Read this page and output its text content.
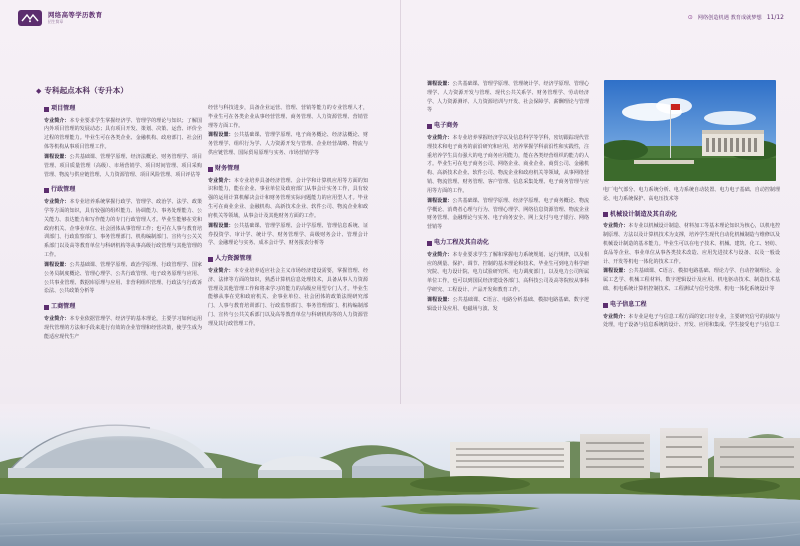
网络高等学历教育
招生简章
⊙ 网络创造机遇 教育成就梦想 11/12
◆ 专科起点本科（专升本）
项目管理
专业简介：本专业要求学生掌握经济学、管理学的理论与知识；了解国内外项目管理的发展动态；具有项目开发、策划、决策、运营、评价全过程的管理能力。毕业生可在各类企业、金融机构、政府部门、社会团体等机构从事项目管理工作。
课程设置：公共基础课、管理学原理、经济法概论、财务管理学、项目管理、项目质量管理（高级）、市场营销学、项目时间管理、项目采购管理、物流与供应链管理、人力资源管理、项目风险管理、项目评估等
行政管理
专业简介：本专业培养系统掌握行政学、管理学、政治学、法学、政策学等方面的知识，具有较强的组织能力、协调能力、事务处理能力、公关能力、表达能力和写作能力的专门行政管理人才。毕业生能够在党和政府机关、企事业单位、社会团体从事管理工作；也可在人事与教育培训部门、行政监察部门、事务管理部门、机构编制部门、宣传与公关关系部门以及高等教育单位与科研机构等从事高级行政管理与其他管理的工作。
课程设置：公共基础课、管理学原理、政治学原理、行政管理学、国家公务员制度概论、管理心理学、公共行政管理、电子政务原理与应用、公共事业管理、数据库原理与应用、非营利组织管理、行政法与行政诉讼法、公共政策分析等
工商管理
专业简介：本专业依据管理学、经济学的基本理论，主要学习如何运用现代管理的方法和手段来进行有效的企业管理和经营决策，使学生成为能适应现代生产
经营与科技进步，具备企业运营、管理、营销等能力的专业管理人才，毕业生可在各类企业从事经营管理、商务管理、人力资源管理、营销管理等方面工作。
课程设置：公共基础课、管理学原理、电子商务概论、经济法概论、财务管理学、组织行为学、人力资源开发与管理、企业经营战略、物流与供应链管理、国际贸易原理与实务、市场营销学等
财务管理
专业简介：本专业培养具备经济管理、会计学和计算机应用等方面的知识和能力，能在企业、事业单位及政府部门从事会计实务工作，具有较强的运用计算机解决会计和财务管理实际问题能力的应用型人才。毕业生可在商业企业、金融机构、高新技术企业、软件公司、物流企业和政府机关等领域，从事会计及其他财务方面的工作。
课程设置：公共基础课、管理学原理、会计学原理、管理信息系统、证券投资学、审计学、统计学、财务管理学、高级财务会计、管理会计学、金融理论与实务、成本会计学、财务报表分析等
人力资源管理
专业简介：本专业培养适应社会主义市场经济建设需要，掌握管理、经济、法律等方面的知识，熟悉计算机信息处理技术，具备从事人力资源管理及其他管理工作和将来学习的能力的高级应用型专门人才。毕业生能够从事在党和政府机关、企事业单位、社会团体的政策法规研究部门、人事与教育培训部门、行政监察部门、事务管理部门、机构编制部门、宣传与公共关系部门以及高等教育单位与科研机构等的人力资源管理及其行政管理工作。
课程设置：公共基础课、管理学原理、管理统计学、经济学原理、管理心理学、人力资源开发与管理、现代公共关系学、财务管理学、劳动经济学、人力资源测评、人力资源培训与开发、社会保障学、薪酬理论与管理等
电子商务
专业简介：本专业培养掌握经济学以及信息科学等学科，密切跟踪现代管理技术和电子商务的前沿研究和应用，培养掌握学科前沿性和实践性，注重培养学生具有强大的电子商务应用能力，能在各类经营组织的能力的人才。毕业生可在电子商务公司、网络企业、商业企业、商贸公司、金融机构、高新技术企业、软件公司、物流企业和政府机关等领域，从事网络营销、物流管理、财务管理、客户管理、信息采集处理、电子商务管理与应用等方面的工作。
课程设置：公共基础课、管理学原理、经济学原理、电子商务概论、物流学概论、消费者心理与行为、管理心理学、网络信息资源管理、物流企业财务管理、金融理论与实务、电子商务安全、网上支付与电子银行、网络营销等
电力工程及其自动化
专业简介：本专业要求学生了解和掌握电力系统规划、运行规律，以及相应的测量、保护、调节、控制的基本理论和技术。毕业生可到电力科学研究院、电力设计院、电力试验研究所、电力调度部门，以及电力公司所属单位工作，也可以到国民经济建设各部门、高科技公司及高等院校从事科学研究、工程设计、产品开发和教育工作。
课程设置：公共基础课、C语言、电路分析基础、模拟电路基础、数字逻辑设计及应用、电磁场与波、发
电厂电气部分、电力系统分析、电力系统自动装置、电力电子基础、自动控制理论、电力系统保护、高电压技术等
机械设计制造及其自动化
专业简介：本专业以机械设计制造、材料加工等基本理论知识为核心，以机电控制原理、方法以及计算机技术为支撑，培养学生现代自动化机械制造与维修以及机械设计制造的基本能力。毕业生可以在电子技术、机械、建筑、化工、轻纺、食品等企业、事业单位从事各类技术改造、应用先进技术与设备、以及一般设计、开发等机电一体化的技术工作。
课程设置：公共基础课、C语言、模拟电路基础、理论力学、自动控制理论、金属工艺学、机械工程材料、数字逻辑设计及应用、机电驱动技术、制造技术基础、机电系统计算机控制技术、工程测试与信号处理、机电一体化系统设计等
电子信息工程
专业简介：本专业是电子与信息工程方面的宽口径专业，主要研究信号的获取与处理，电子设备与信息系统的设计、开发、应用和集成。学生接受电子与信息工
